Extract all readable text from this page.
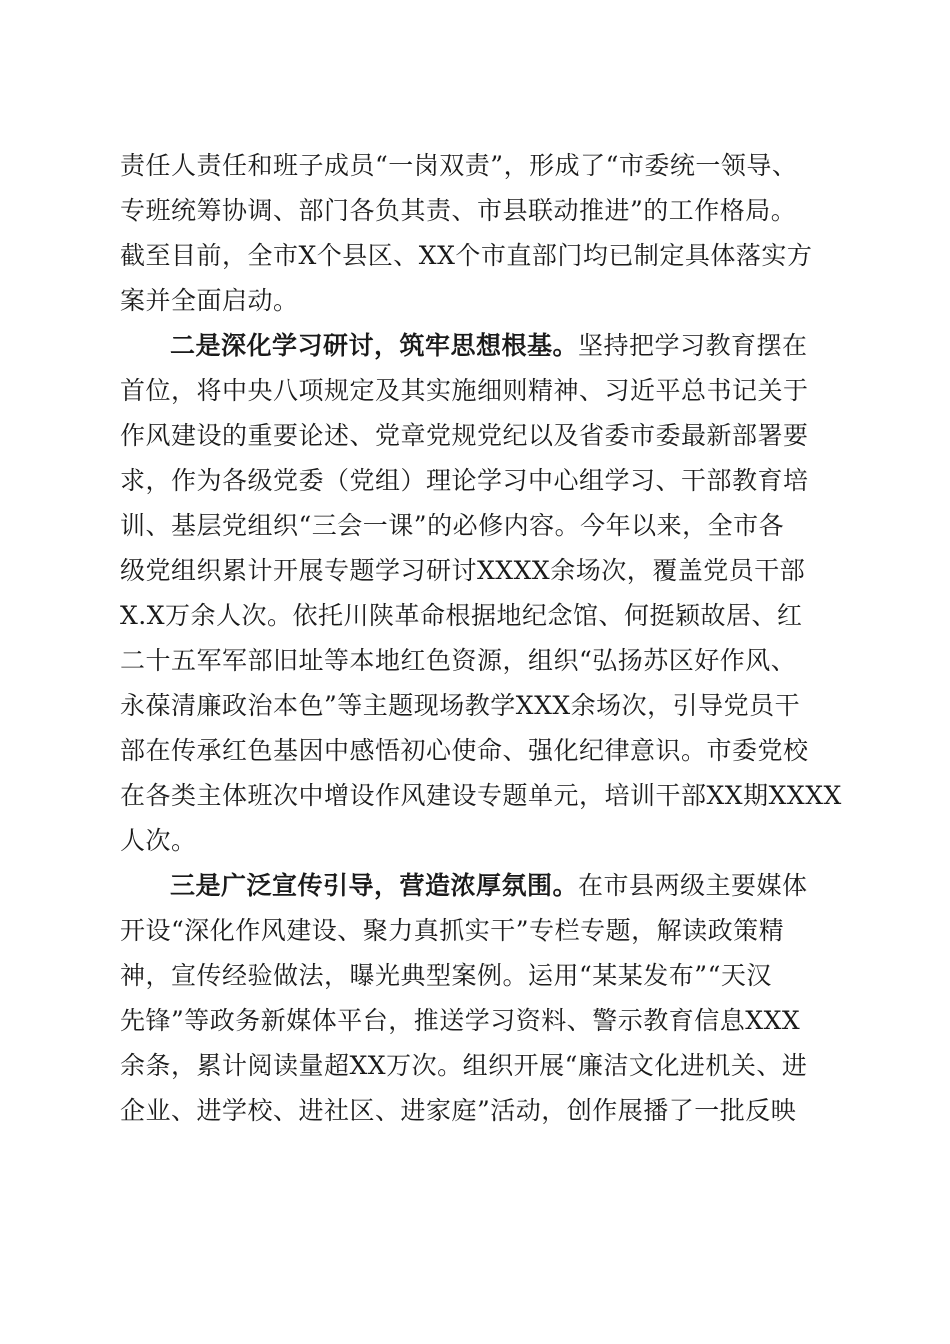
责任人责任和班子成员“一岗双责”，形成了“市委统一领导、
专班统筹协调、部门各负其责、市县联动推进”的工作格局。
截至目前，全市X个县区、XX个市直部门均已制定具体落实方
案并全面启动。
二是深化学习研讨，筑牢思想根基。坚持把学习教育摆在
首位，将中央八项规定及其实施细则精神、习近平总书记关于
作风建设的重要论述、党章党规党纪以及省委市委最新部署要
求，作为各级党委（党组）理论学习中心组学习、干部教育培
训、基层党组织“三会一课”的必修内容。今年以来，全市各
级党组织累计开展专题学习研讨XXXX余场次，覆盖党员干部
X.X万余人次。依托川陕革命根据地纪念馆、何挺颖故居、红
二十五军军部旧址等本地红色资源，组织“弘扬苏区好作风、
永葆清廉政治本色”等主题现场教学XXX余场次，引导党员干
部在传承红色基因中感悟初心使命、强化纪律意识。市委党校
在各类主体班次中增设作风建设专题单元，培训干部XX期XXXX
人次。
三是广泛宣传引导，营造浓厚氛围。在市县两级主要媒体
开设“深化作风建设、聚力真抓实干”专栏专题，解读政策精
神，宣传经验做法，曝光典型案例。运用“某某发布”“天汉
先锋”等政务新媒体平台，推送学习资料、警示教育信息XXX
余条，累计阅读量超XX万次。组织开展“廉洁文化进机关、进
企业、进学校、进社区、进家庭”活动，创作展播了一批反映
